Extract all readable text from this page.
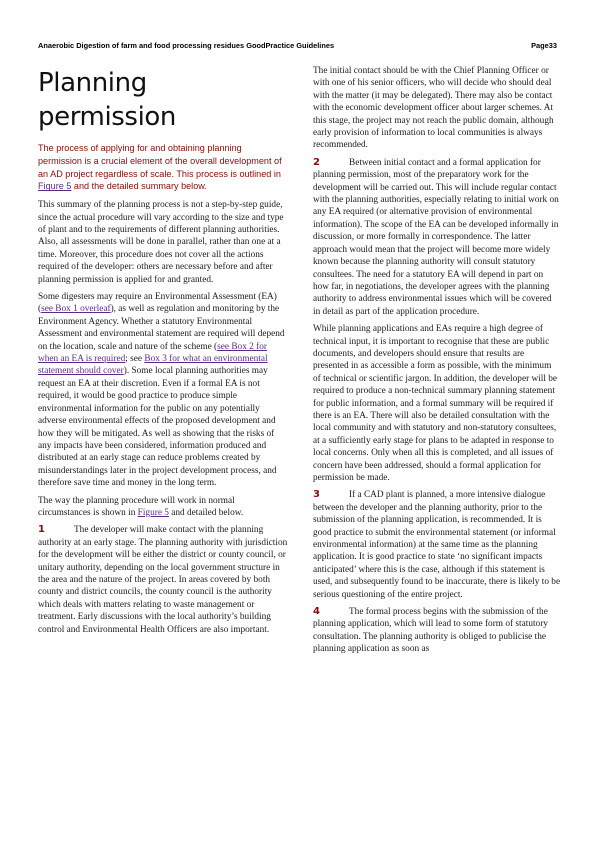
Anaerobic Digestion of farm and food processing residues GoodPractice Guidelines	Page33
Planning
permission
The process of applying for and obtaining planning permission is a crucial element of the overall development of an AD project regardless of scale. This process is outlined in Figure 5 and the detailed summary below.

This summary of the planning process is not a step-by-step guide, since the actual procedure will vary according to the size and type of plant and to the requirements of different planning authorities. Also, all assessments will be done in parallel, rather than one at a time. Moreover, this procedure does not cover all the actions required of the developer: others are necessary before and after planning permission is applied for and granted.

Some digesters may require an Environmental Assessment (EA) (see Box 1 overleaf), as well as regulation and monitoring by the Environment Agency. Whether a statutory Environmental Assessment and environmental statement are required will depend on the location, scale and nature of the scheme (see Box 2 for when an EA is required; see Box 3 for what an environmental statement should cover). Some local planning authorities may request an EA at their discretion. Even if a formal EA is not required, it would be good practice to produce simple environmental information for the public on any potentially adverse environmental effects of the proposed development and how they will be mitigated. As well as showing that the risks of any impacts have been considered, information produced and distributed at an early stage can reduce problems created by misunderstandings later in the project development process, and therefore save time and money in the long term.

The way the planning procedure will work in normal circumstances is shown in Figure 5 and detailed below.

1	The developer will make contact with the planning authority at an early stage. The planning authority with jurisdiction for the development will be either the district or county council, or unitary authority, depending on the local government structure in the area and the nature of the project. In areas covered by both county and district councils, the county council is the authority which deals with matters relating to waste management or treatment. Early discussions with the local authority’s building control and Environmental Health Officers are also important.

The initial contact should be with the Chief Planning Officer or with one of his senior officers, who will decide who should deal with the matter (it may be delegated). There may also be contact with the economic development officer about larger schemes. At this stage, the project may not reach the public domain, although early provision of information to local communities is always recommended.

2	Between initial contact and a formal application for planning permission, most of the preparatory work for the development will be carried out. This will include regular contact with the planning authorities, especially relating to initial work on any EA required (or alternative provision of environmental information). The scope of the EA can be developed informally in discussion, or more formally in correspondence. The latter approach would mean that the project will become more widely known because the planning authority will consult statutory consultees. The need for a statutory EA will depend in part on how far, in negotiations, the developer agrees with the planning authority to address environmental issues which will be covered in detail as part of the application procedure.

While planning applications and EAs require a high degree of technical input, it is important to recognise that these are public documents, and developers should ensure that results are presented in as accessible a form as possible, with the minimum of technical or scientific jargon. In addition, the developer will be required to produce a non-technical summary planning statement for public information, and a formal summary will be required if there is an EA. There will also be detailed consultation with the local community and with statutory and non-statutory consultees, at a sufficiently early stage for plans to be adapted in response to local concerns. Only when all this is completed, and all issues of concern have been addressed, should a formal application for permission be made.

3	If a CAD plant is planned, a more intensive dialogue between the developer and the planning authority, prior to the submission of the planning application, is recommended. It is good practice to submit the environmental statement (or informal environmental information) at the same time as the planning application. It is good practice to state ‘no significant impacts anticipated’ where this is the case, although if this statement is used, and subsequently found to be inaccurate, there is likely to be serious questioning of the entire project.

4	The formal process begins with the submission of the planning application, which will lead to some form of statutory consultation. The planning authority is obliged to publicise the planning application as soon as
